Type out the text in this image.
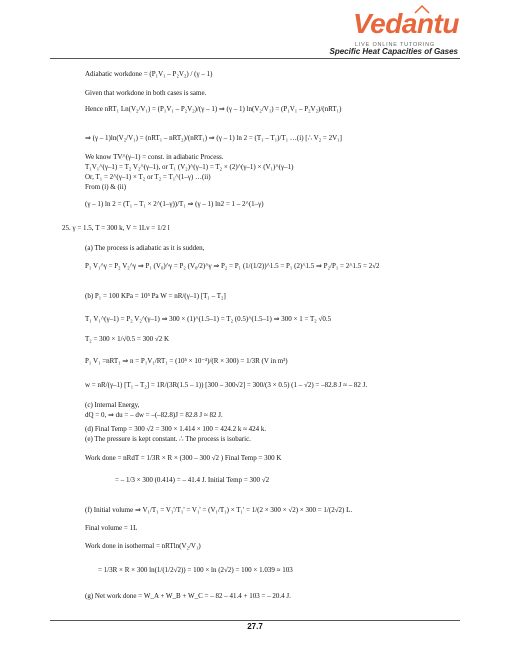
Vedantu
LIVE ONLINE TUTORING
Specific Heat Capacities of Gases
Adiabatic workdone = (P₁V₁ – P₂V₂) / (γ – 1)
Given that workdone in both cases is same.
Hence nRT₁ Ln(V₂/V₁) = (P₁V₁ – P₂V₂)/(γ – 1) ⇒ (γ – 1) ln(V₂/V₁) = (P₁V₁ – P₂V₂)/(nRT₁)
⇒ (γ – 1)ln(V₂/V₁) = (nRT₁ – nRT₂)/(nRT₁) ⇒ (γ – 1) ln 2 = (T₁ – T₁)/T₁ …(i) [∴ V₂ = 2V₁]
We know TV^(γ–1) = const. in adiabatic Process.
T₁V₁^(γ–1) = T₂ V₂^(γ–1), or T₁ (V₂)^(γ–1) = T₂ × (2)^(γ–1) × (V₁)^(γ–1)
Or, T₁ = 2^(γ–1) × T₂ or T₂ = T₁^(1–γ) …(ii)
From (i) & (ii)
(γ – 1) ln 2 = (T₁ – T₁ × 2^(1–γ))/T₁ ⇒ (γ – 1) ln2 = 1 – 2^(1–γ)
25. γ = 1.5, T = 300 k, V = 1Lv = 1/2 l
(a) The process is adiabatic as it is sudden,
P₁ V₁^γ = P₂ V₂^γ ⇒ P₁ (V₀)^γ = P₂ (V₀/2)^γ ⇒ P₂ = P₁ (1/(1/2))^1.5 = P₁ (2)^1.5 ⇒ P₂/P₁ = 2^1.5 = 2√2
(b) P₁ = 100 KPa = 10⁵ Pa W = nR/(γ–1) [T₁ – T₂]
T₁ V₁^(γ–1) = P₂ V₂^(γ–1) ⇒ 300 × (1)^(1.5–1) = T₂ (0.5)^(1.5–1) ⇒ 300 × 1 = T₂ √0.5
T₂ = 300 × 1/√0.5 = 300 √2 K
P₁ V₁ =nRT₁ ⇒ n = P₁V₁/RT₁ = (10⁵ × 10⁻³)/(R × 300) = 1/3R (V in m³)
w = nR/(γ–1) [T₁ – T₂] = 1R/(3R(1.5 – 1)) [300 – 300√2] = 300/(3 × 0.5) (1 – √2) = –82.8 J ≈ – 82 J.
(c) Internal Energy,
dQ = 0, ⇒ du = – dw = –(–82.8)J = 82.8 J ≈ 82 J.
(d) Final Temp = 300 √2 = 300 × 1.414 × 100 = 424.2 k ≈ 424 k.
(e) The pressure is kept constant. ∴ The process is isobaric.
Work done = nRdT = 1/3R × R × (300 – 300 √2 ) Final Temp = 300 K
= – 1/3 × 300 (0.414) = – 41.4 J. Initial Temp = 300 √2
(f) Initial volume ⇒ V₁/T₁ = V₁'/T₁' = V₁' = (V₁/T₁) × T₁' = 1/(2 × 300 × √2) × 300 = 1/(2√2) L.
Final volume = 1L
Work done in isothermal = nRTln(V₂/V₁)
= 1/3R × R × 300 ln(1/(1/2√2)) = 100 × ln (2√2) = 100 × 1.039 ≈ 103
(g) Net work done = W_A + W_B + W_C = – 82 – 41.4 + 103 = – 20.4 J.
27.7
